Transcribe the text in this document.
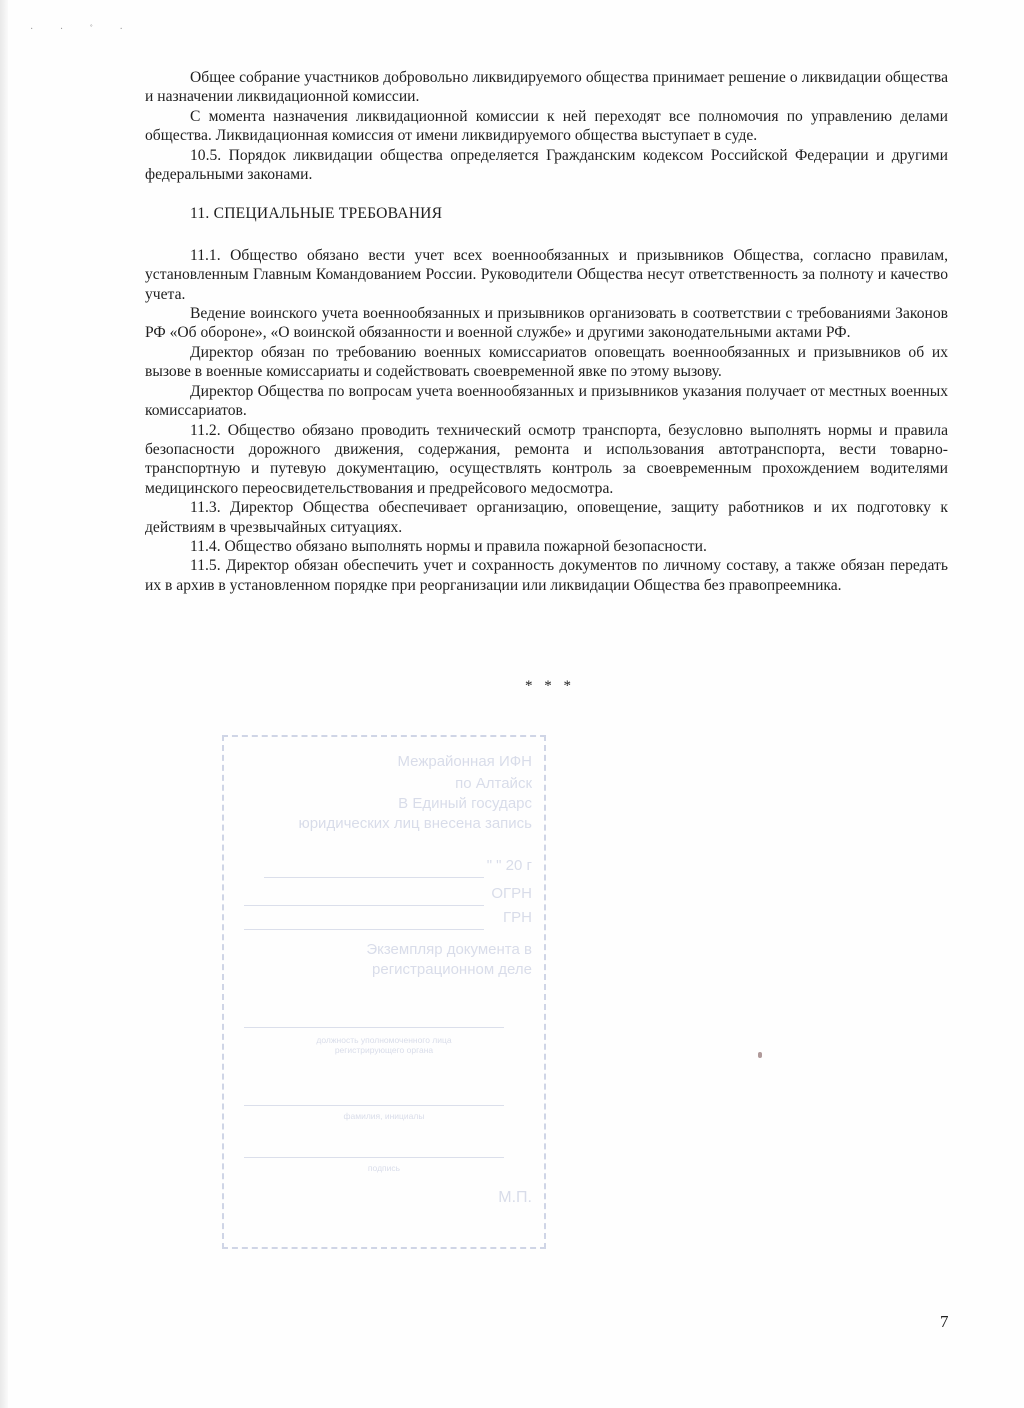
· · ˚ ·

Общее собрание участников добровольно ликвидируемого общества принимает решение о ликвидации общества и назначении ликвидационной комиссии.

С момента назначения ликвидационной комиссии к ней переходят все полномочия по управлению делами общества. Ликвидационная комиссия от имени ликвидируемого общества выступает в суде.

10.5. Порядок ликвидации общества определяется Гражданским кодексом Российской Федерации и другими федеральными законами.

11. СПЕЦИАЛЬНЫЕ ТРЕБОВАНИЯ

11.1. Общество обязано вести учет всех военнообязанных и призывников Общества, согласно правилам, установленным Главным Командованием России. Руководители Общества несут ответственность за полноту и качество учета.

Ведение воинского учета военнообязанных и призывников организовать в соответствии с требованиями Законов РФ «Об обороне», «О воинской обязанности и военной службе» и другими законодательными актами РФ.

Директор обязан по требованию военных комиссариатов оповещать военнообязанных и призывников об их вызове в военные комиссариаты и содействовать своевременной явке по этому вызову.

Директор Общества по вопросам учета военнообязанных и призывников указания получает от местных военных комиссариатов.

11.2. Общество обязано проводить технический осмотр транспорта, безусловно выполнять нормы и правила безопасности дорожного движения, содержания, ремонта и использования автотранспорта, вести товарно-транспортную и путевую документацию, осуществлять контроль за своевременным прохождением водителями медицинского переосвидетельствования и предрейсового медосмотра.

11.3. Директор Общества обеспечивает организацию, оповещение, защиту работников и их подготовку к действиям в чрезвычайных ситуациях.

11.4. Общество обязано выполнять нормы и правила пожарной безопасности.

11.5. Директор обязан обеспечить учет и сохранность документов по личному составу, а также обязан передать их в архив в установленном порядке при реорганизации или ликвидации Общества без правопреемника.

* * *
Межрайонная ИФН
по Алтайск
В Единый государс
юридических лиц внесена запись
" " 20 г
ОГРН
ГРН
Экземпляр документа в
регистрационном деле
должность уполномоченного лица регистрирующего органа
фамилия, инициалы
подпись
М.П.
7
